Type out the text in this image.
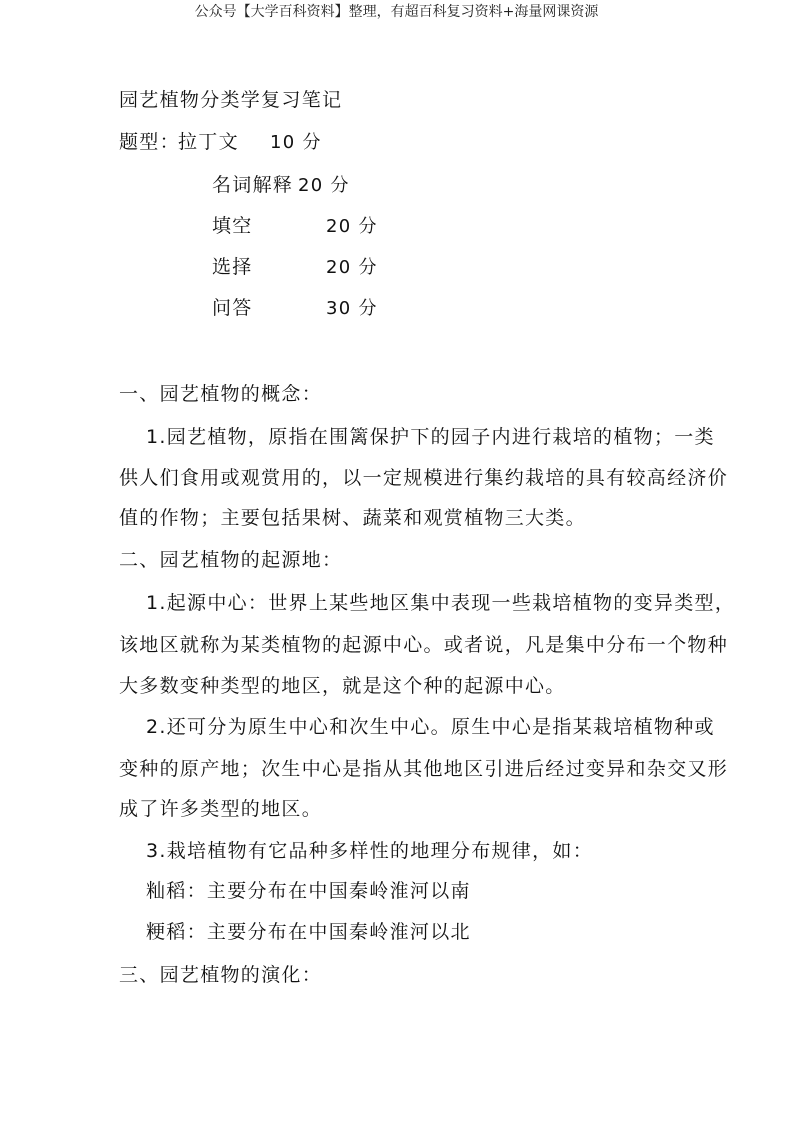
公众号【大学百科资料】整理，有超百科复习资料+海量网课资源
园艺植物分类学复习笔记
题型：
拉丁文 10 分
名词解释 20 分
填空	20 分
选择	20 分
问答	30 分
一、园艺植物的概念：
1.园艺植物，原指在围篱保护下的园子内进行栽培的植物；一类
供人们食用或观赏用的，以一定规模进行集约栽培的具有较高经济价
值的作物；主要包括果树、蔬菜和观赏植物三大类。
二、园艺植物的起源地：
1.起源中心：世界上某些地区集中表现一些栽培植物的变异类型，
该地区就称为某类植物的起源中心。或者说，凡是集中分布一个物种
大多数变种类型的地区，就是这个种的起源中心。
2.还可分为原生中心和次生中心。原生中心是指某栽培植物种或
变种的原产地；次生中心是指从其他地区引进后经过变异和杂交又形
成了许多类型的地区。
3.栽培植物有它品种多样性的地理分布规律，如：
籼稻：主要分布在中国秦岭淮河以南
粳稻：主要分布在中国秦岭淮河以北
三、园艺植物的演化：
